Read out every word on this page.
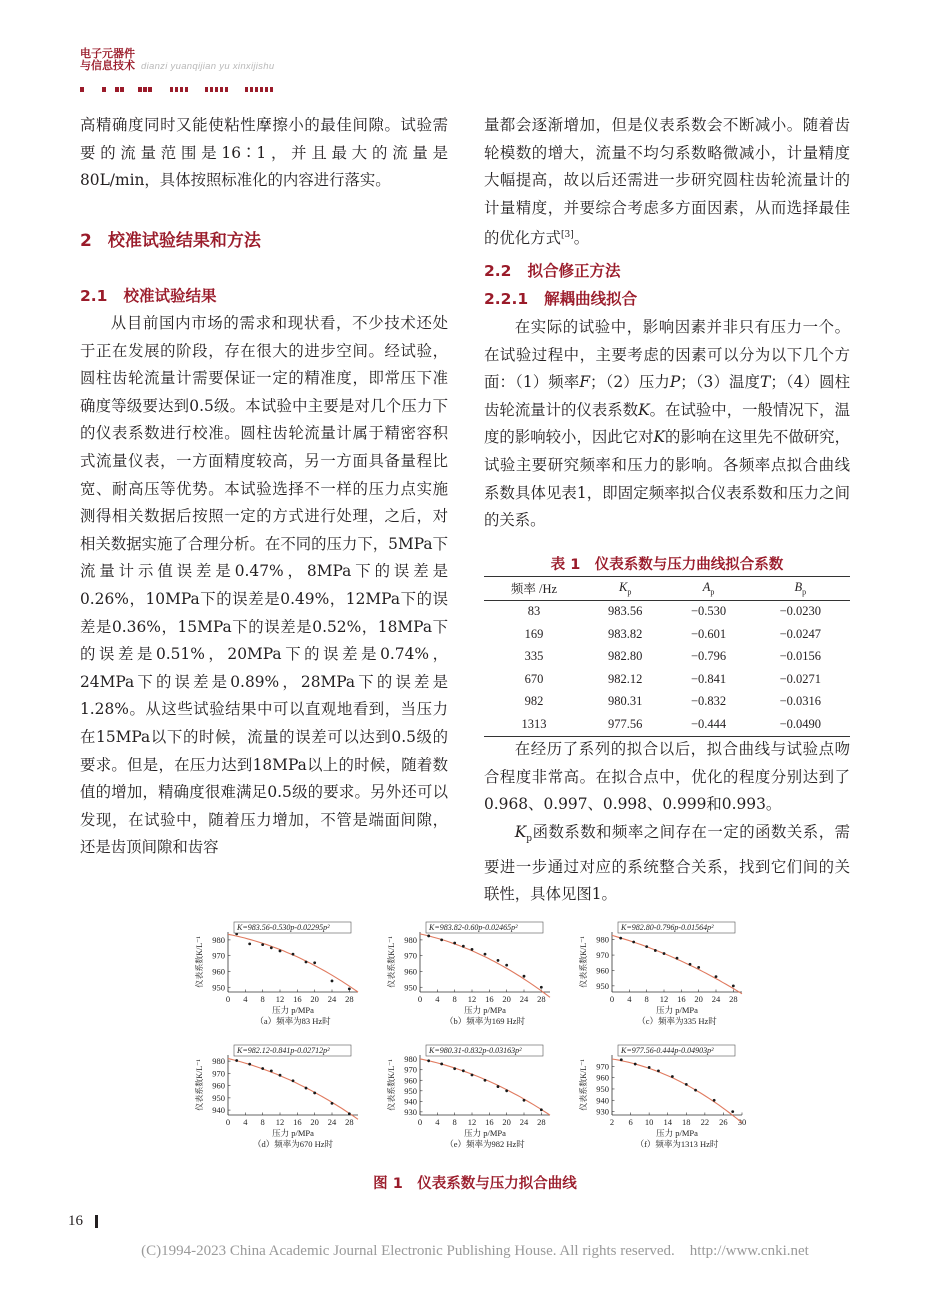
电子元器件
与信息技术 dianzi yuanqijian yu xinxijishu

高精确度同时又能使粘性摩擦小的最佳间隙。试验需要的流量范围是16∶1，并且最大的流量是80L/min，具体按照标准化的内容进行落实。

2 校准试验结果和方法
2.1 校准试验结果

从目前国内市场的需求和现状看，不少技术还处于正在发展的阶段，存在很大的进步空间。经试验，圆柱齿轮流量计需要保证一定的精准度，即常压下准确度等级要达到0.5级。本试验中主要是对几个压力下的仪表系数进行校准。圆柱齿轮流量计属于精密容积式流量仪表，一方面精度较高，另一方面具备量程比宽、耐高压等优势。本试验选择不一样的压力点实施测得相关数据后按照一定的方式进行处理，之后，对相关数据实施了合理分析。在不同的压力下，5MPa下流量计示值误差是0.47%，8MPa下的误差是0.26%，10MPa下的误差是0.49%，12MPa下的误差是0.36%，15MPa下的误差是0.52%，18MPa下的误差是0.51%，20MPa下的误差是0.74%，24MPa下的误差是0.89%，28MPa下的误差是1.28%。从这些试验结果中可以直观地看到，当压力在15MPa以下的时候，流量的误差可以达到0.5级的要求。但是，在压力达到18MPa以上的时候，随着数值的增加，精确度很难满足0.5级的要求。另外还可以发现，在试验中，随着压力增加，不管是端面间隙，还是齿顶间隙和齿容

量都会逐渐增加，但是仪表系数会不断减小。随着齿轮模数的增大，流量不均匀系数略微减小，计量精度大幅提高，故以后还需进一步研究圆柱齿轮流量计的计量精度，并要综合考虑多方面因素，从而选择最佳的优化方式[3]。

2.2 拟合修正方法
2.2.1 解耦曲线拟合

在实际的试验中，影响因素并非只有压力一个。在试验过程中，主要考虑的因素可以分为以下几个方面：（1）频率F；（2）压力P；（3）温度T；（4）圆柱齿轮流量计的仪表系数K。在试验中，一般情况下，温度的影响较小，因此它对K的影响在这里先不做研究，试验主要研究频率和压力的影响。各频率点拟合曲线系数具体见表1，即固定频率拟合仪表系数和压力之间的关系。

表 1　仪表系数与压力曲线拟合系数
频率 /Hz	$K_p$	$A_p$	$B_p$
83	983.56	−0.530	−0.0230
169	983.82	−0.601	−0.0247
335	982.80	−0.796	−0.0156
670	982.12	−0.841	−0.0271
982	980.31	−0.832	−0.0316
1313	977.56	−0.444	−0.0490

在经历了系列的拟合以后，拟合曲线与试验点吻合程度非常高。在拟合点中，优化的程度分别达到了0.968、0.997、0.998、0.999和0.993。

$K_p$函数系数和频率之间存在一定的函数关系，需要进一步通过对应的系统整合关系，找到它们间的关联性，具体见图1。

0 4 8 12 16 20 24 28
950
960
970
980
K=983.56-0.530p-0.02295p²
仪表系数K/L⁻¹
压力 p/MPa
（a）频率为83 Hz时
0 4 8 12 16 20 24 28
950
960
970
980
K=983.82-0.60p-0.02465p²
仪表系数K/L⁻¹
压力 p/MPa
（b）频率为169 Hz时
0 4 8 12 16 20 24 28
950
960
970
980
K=982.80-0.796p-0.01564p²
仪表系数K/L⁻¹
压力 p/MPa
（c）频率为335 Hz时
0 4 8 12 16 20 24 28
940
950
960
970
980
K=982.12-0.841p-0.02712p²
仪表系数K/L⁻¹
压力 p/MPa
（d）频率为670 Hz时
0 4 8 12 16 20 24 28
930
940
950
960
970
980
K=980.31-0.832p-0.03163p²
仪表系数K/L⁻¹
压力 p/MPa
（e）频率为982 Hz时
2 6 10 14 18 22 26 30
930
940
950
960
970
K=977.56-0.444p-0.04903p²
仪表系数K/L⁻¹
压力 p/MPa
（f）频率为1313 Hz时
图 1　仪表系数与压力拟合曲线
16
(C)1994-2023 China Academic Journal Electronic Publishing House. All rights reserved.    http://www.cnki.net
